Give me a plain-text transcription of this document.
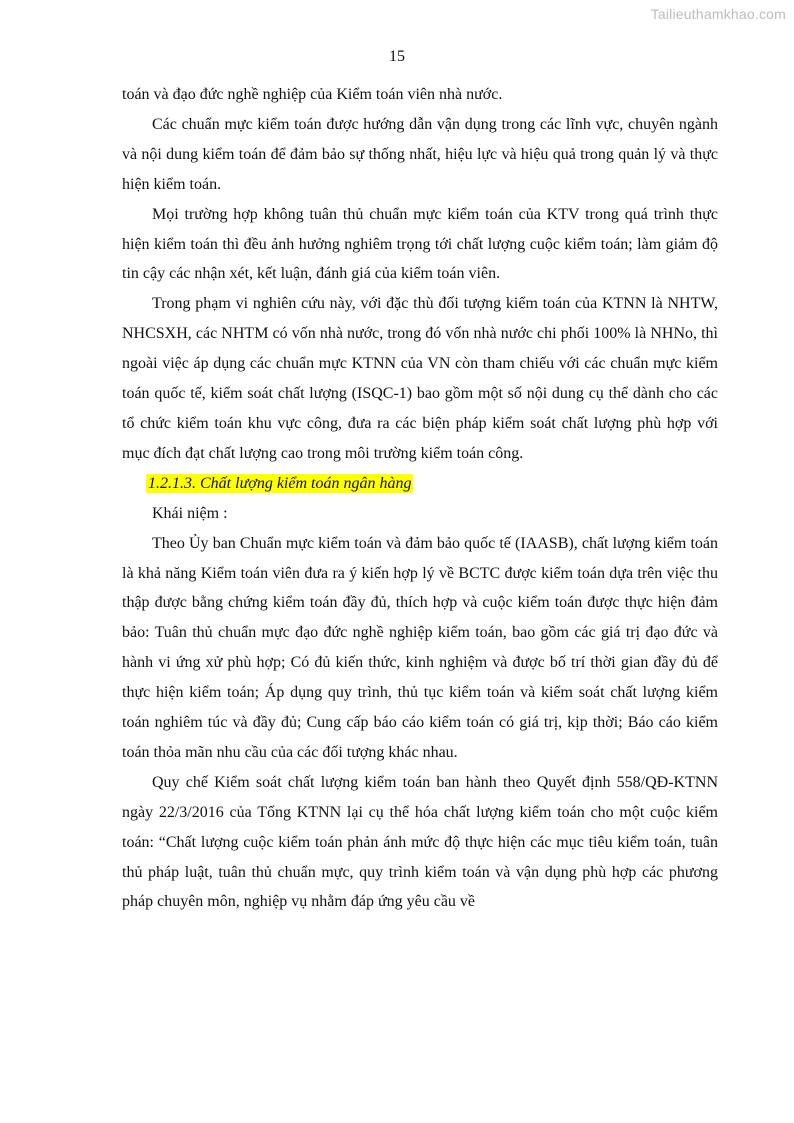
Tailieuthamkhao.com
15

toán và đạo đức nghề nghiệp của Kiểm toán viên nhà nước.

Các chuẩn mực kiểm toán được hướng dẫn vận dụng trong các lĩnh vực, chuyên ngành và nội dung kiểm toán để đảm bảo sự thống nhất, hiệu lực và hiệu quả trong quản lý và thực hiện kiểm toán.

Mọi trường hợp không tuân thủ chuẩn mực kiểm toán của KTV trong quá trình thực hiện kiểm toán thì đều ảnh hưởng nghiêm trọng tới chất lượng cuộc kiểm toán; làm giảm độ tin cậy các nhận xét, kết luận, đánh giá của kiểm toán viên.

Trong phạm vi nghiên cứu này, với đặc thù đối tượng kiểm toán của KTNN là NHTW, NHCSXH, các NHTM có vốn nhà nước, trong đó vốn nhà nước chi phối 100% là NHNo, thì ngoài việc áp dụng các chuẩn mực KTNN của VN còn tham chiếu với các chuẩn mực kiểm toán quốc tế, kiểm soát chất lượng (ISQC-1) bao gồm một số nội dung cụ thể dành cho các tổ chức kiểm toán khu vực công, đưa ra các biện pháp kiểm soát chất lượng phù hợp với mục đích đạt chất lượng cao trong môi trường kiểm toán công.

1.2.1.3. Chất lượng kiểm toán ngân hàng

Khái niệm :

Theo Ủy ban Chuẩn mực kiểm toán và đảm bảo quốc tế (IAASB), chất lượng kiểm toán là khả năng Kiểm toán viên đưa ra ý kiến hợp lý về BCTC được kiểm toán dựa trên việc thu thập được bằng chứng kiểm toán đầy đủ, thích hợp và cuộc kiểm toán được thực hiện đảm bảo: Tuân thủ chuẩn mực đạo đức nghề nghiệp kiểm toán, bao gồm các giá trị đạo đức và hành vi ứng xử phù hợp; Có đủ kiến thức, kinh nghiệm và được bố trí thời gian đầy đủ để thực hiện kiểm toán; Áp dụng quy trình, thủ tục kiểm toán và kiểm soát chất lượng kiểm toán nghiêm túc và đầy đủ; Cung cấp báo cáo kiểm toán có giá trị, kịp thời; Báo cáo kiểm toán thỏa mãn nhu cầu của các đối tượng khác nhau.

Quy chế Kiểm soát chất lượng kiểm toán ban hành theo Quyết định 558/QĐ-KTNN ngày 22/3/2016 của Tổng KTNN lại cụ thể hóa chất lượng kiểm toán cho một cuộc kiểm toán: “Chất lượng cuộc kiểm toán phản ánh mức độ thực hiện các mục tiêu kiểm toán, tuân thủ pháp luật, tuân thủ chuẩn mực, quy trình kiểm toán và vận dụng phù hợp các phương pháp chuyên môn, nghiệp vụ nhằm đáp ứng yêu cầu về
